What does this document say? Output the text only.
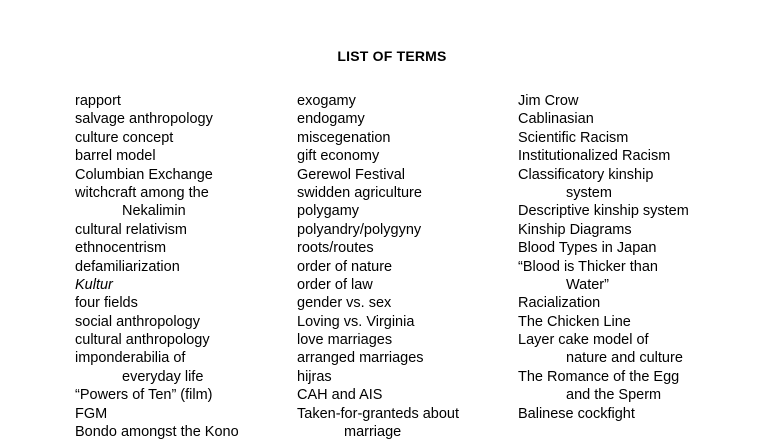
LIST OF TERMS
rapport
salvage anthropology
culture concept
barrel model
Columbian Exchange
witchcraft among the
Nekalimin
cultural relativism
ethnocentrism
defamiliarization
Kultur
four fields
social anthropology
cultural anthropology
imponderabilia of
everyday life
“Powers of Ten” (film)
FGM
Bondo amongst the Kono
exogamy
endogamy
miscegenation
gift economy
Gerewol Festival
swidden agriculture
polygamy
polyandry/polygyny
roots/routes
order of nature
order of law
gender vs. sex
Loving vs. Virginia
love marriages
arranged marriages
hijras
CAH and AIS
Taken-for-granteds about
marriage
Jim Crow
Cablinasian
Scientific Racism
Institutionalized Racism
Classificatory kinship
system
Descriptive kinship system
Kinship Diagrams
Blood Types in Japan
“Blood is Thicker than
Water”
Racialization
The Chicken Line
Layer cake model of
nature and culture
The Romance of the Egg
and the Sperm
Balinese cockfight
